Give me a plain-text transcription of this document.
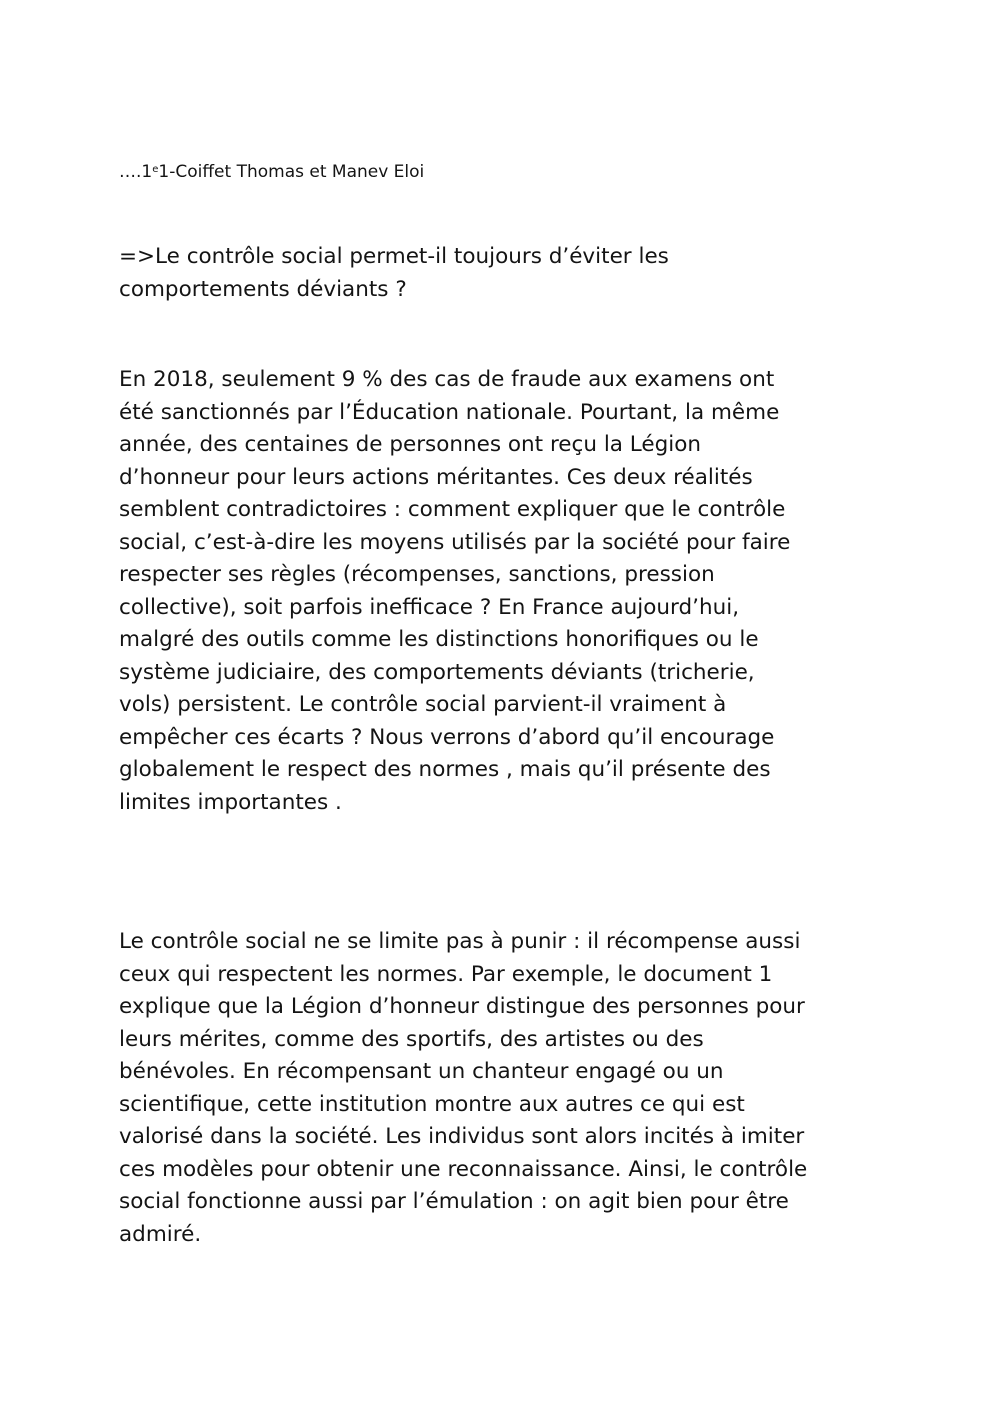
….1e1-Coiffet Thomas et Manev Eloi

=>Le contrôle social permet-il toujours d’éviter les
comportements déviants ?

En 2018, seulement 9 % des cas de fraude aux examens ont
été sanctionnés par l’Éducation nationale. Pourtant, la même
année, des centaines de personnes ont reçu la Légion
d’honneur pour leurs actions méritantes. Ces deux réalités
semblent contradictoires : comment expliquer que le contrôle
social, c’est-à-dire les moyens utilisés par la société pour faire
respecter ses règles (récompenses, sanctions, pression
collective), soit parfois inefficace ? En France aujourd’hui,
malgré des outils comme les distinctions honorifiques ou le
système judiciaire, des comportements déviants (tricherie,
vols) persistent. Le contrôle social parvient-il vraiment à
empêcher ces écarts ? Nous verrons d’abord qu’il encourage
globalement le respect des normes , mais qu’il présente des
limites importantes .

Le contrôle social ne se limite pas à punir : il récompense aussi
ceux qui respectent les normes. Par exemple, le document 1
explique que la Légion d’honneur distingue des personnes pour
leurs mérites, comme des sportifs, des artistes ou des
bénévoles. En récompensant un chanteur engagé ou un
scientifique, cette institution montre aux autres ce qui est
valorisé dans la société. Les individus sont alors incités à imiter
ces modèles pour obtenir une reconnaissance. Ainsi, le contrôle
social fonctionne aussi par l’émulation : on agit bien pour être
admiré.
